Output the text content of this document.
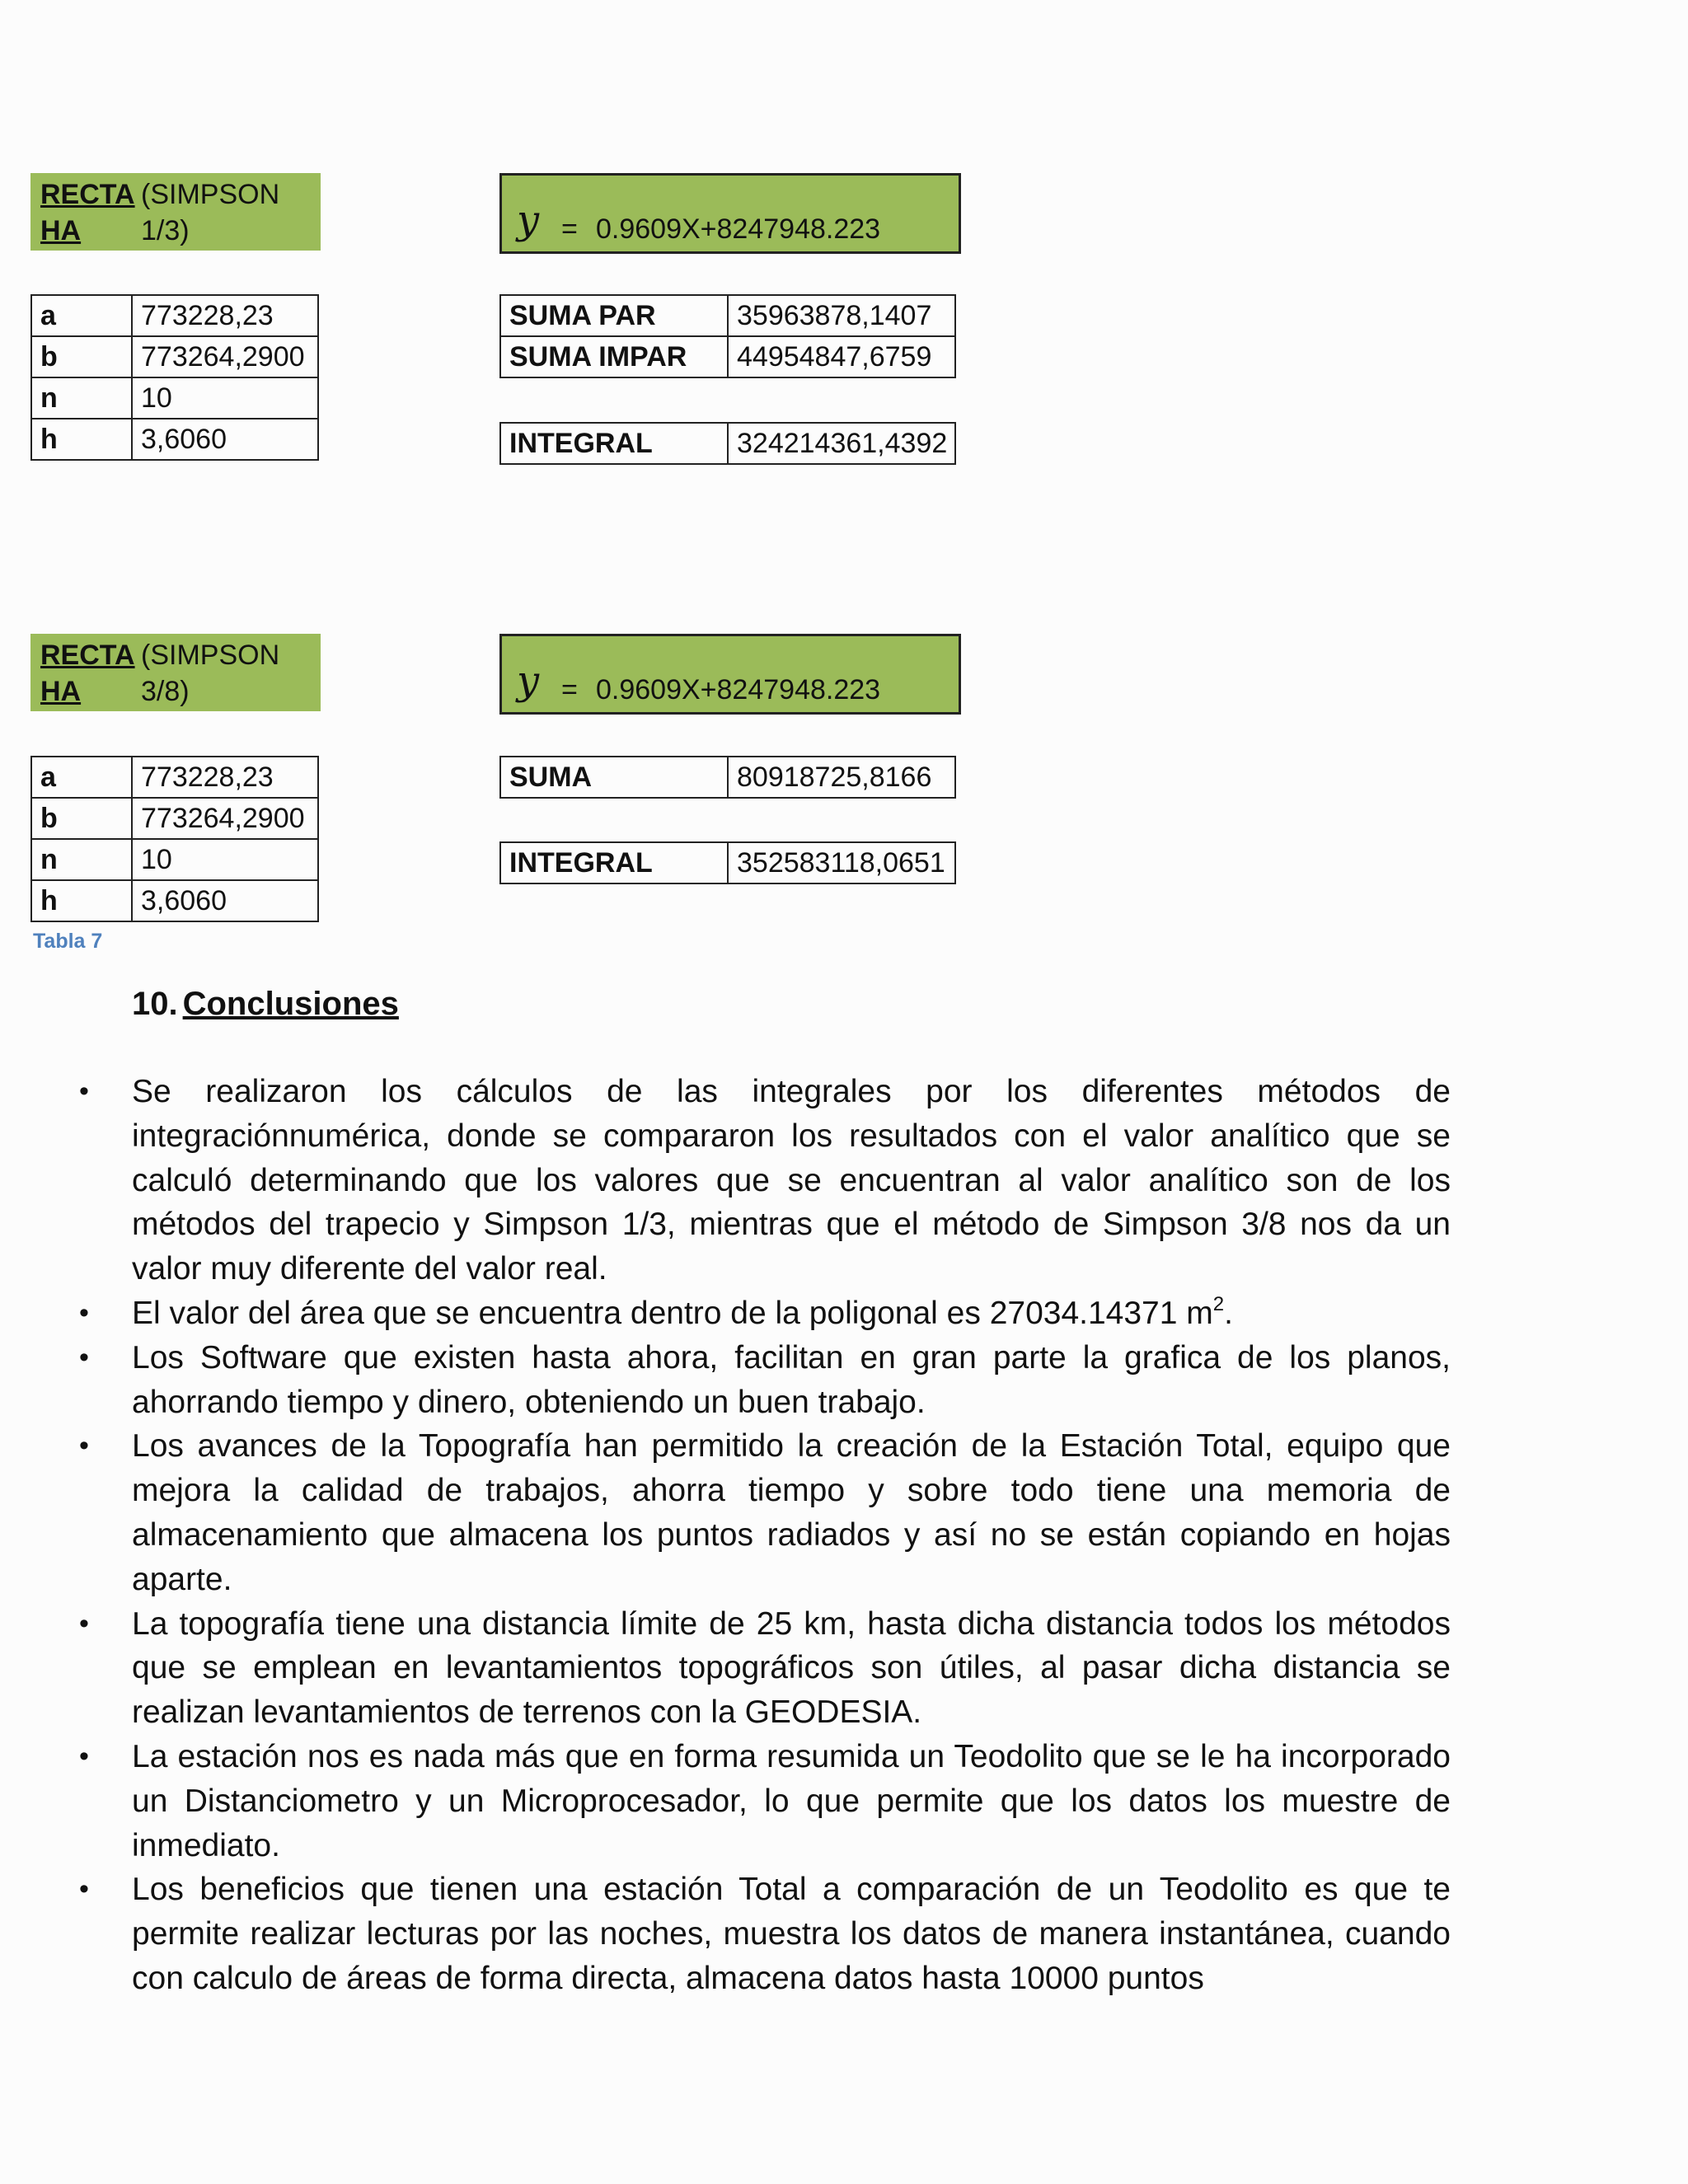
RECTA
HA
(SIMPSON
1/3)	y = 0.9609X+8247948.223
a	773228,23
b	773264,2900
n	10
h	3,6060
SUMA PAR	35963878,1407
SUMA IMPAR	44954847,6759
INTEGRAL	324214361,4392
RECTA
HA
(SIMPSON
3/8)	y = 0.9609X+8247948.223
a	773228,23
b	773264,2900
n	10
h	3,6060
SUMA	80918725,8166
INTEGRAL	352583118,0651
Tabla 7
10. Conclusiones
• Se realizaron los cálculos de las integrales por los diferentes métodos de integraciónnumérica, donde se compararon los resultados con el valor analítico que se calculó determinando que los valores que se encuentran al valor analítico son de los métodos del trapecio y Simpson 1/3, mientras que el método de Simpson 3/8 nos da un valor muy diferente del valor real.
• El valor del área que se encuentra dentro de la poligonal es 27034.14371 $m^2$.
• Los Software que existen hasta ahora, facilitan en gran parte la grafica de los planos, ahorrando tiempo y dinero, obteniendo un buen trabajo.
• Los avances de la Topografía han permitido la creación de la Estación Total, equipo que mejora la calidad de trabajos, ahorra tiempo y sobre todo tiene una memoria de almacenamiento que almacena los puntos radiados y así no se están copiando en hojas aparte.
• La topografía tiene una distancia límite de 25 km, hasta dicha distancia todos los métodos que se emplean en levantamientos topográficos son útiles, al pasar dicha distancia se realizan levantamientos de terrenos con la GEODESIA.
• La estación nos es nada más que en forma resumida un Teodolito que se le ha incorporado un Distanciometro y un Microprocesador, lo que permite que los datos los muestre de inmediato.
• Los beneficios que tienen una estación Total a comparación de un Teodolito es que te permite realizar lecturas por las noches, muestra los datos de manera instantánea, cuando con calculo de áreas de forma directa, almacena datos hasta 10000 puntos
